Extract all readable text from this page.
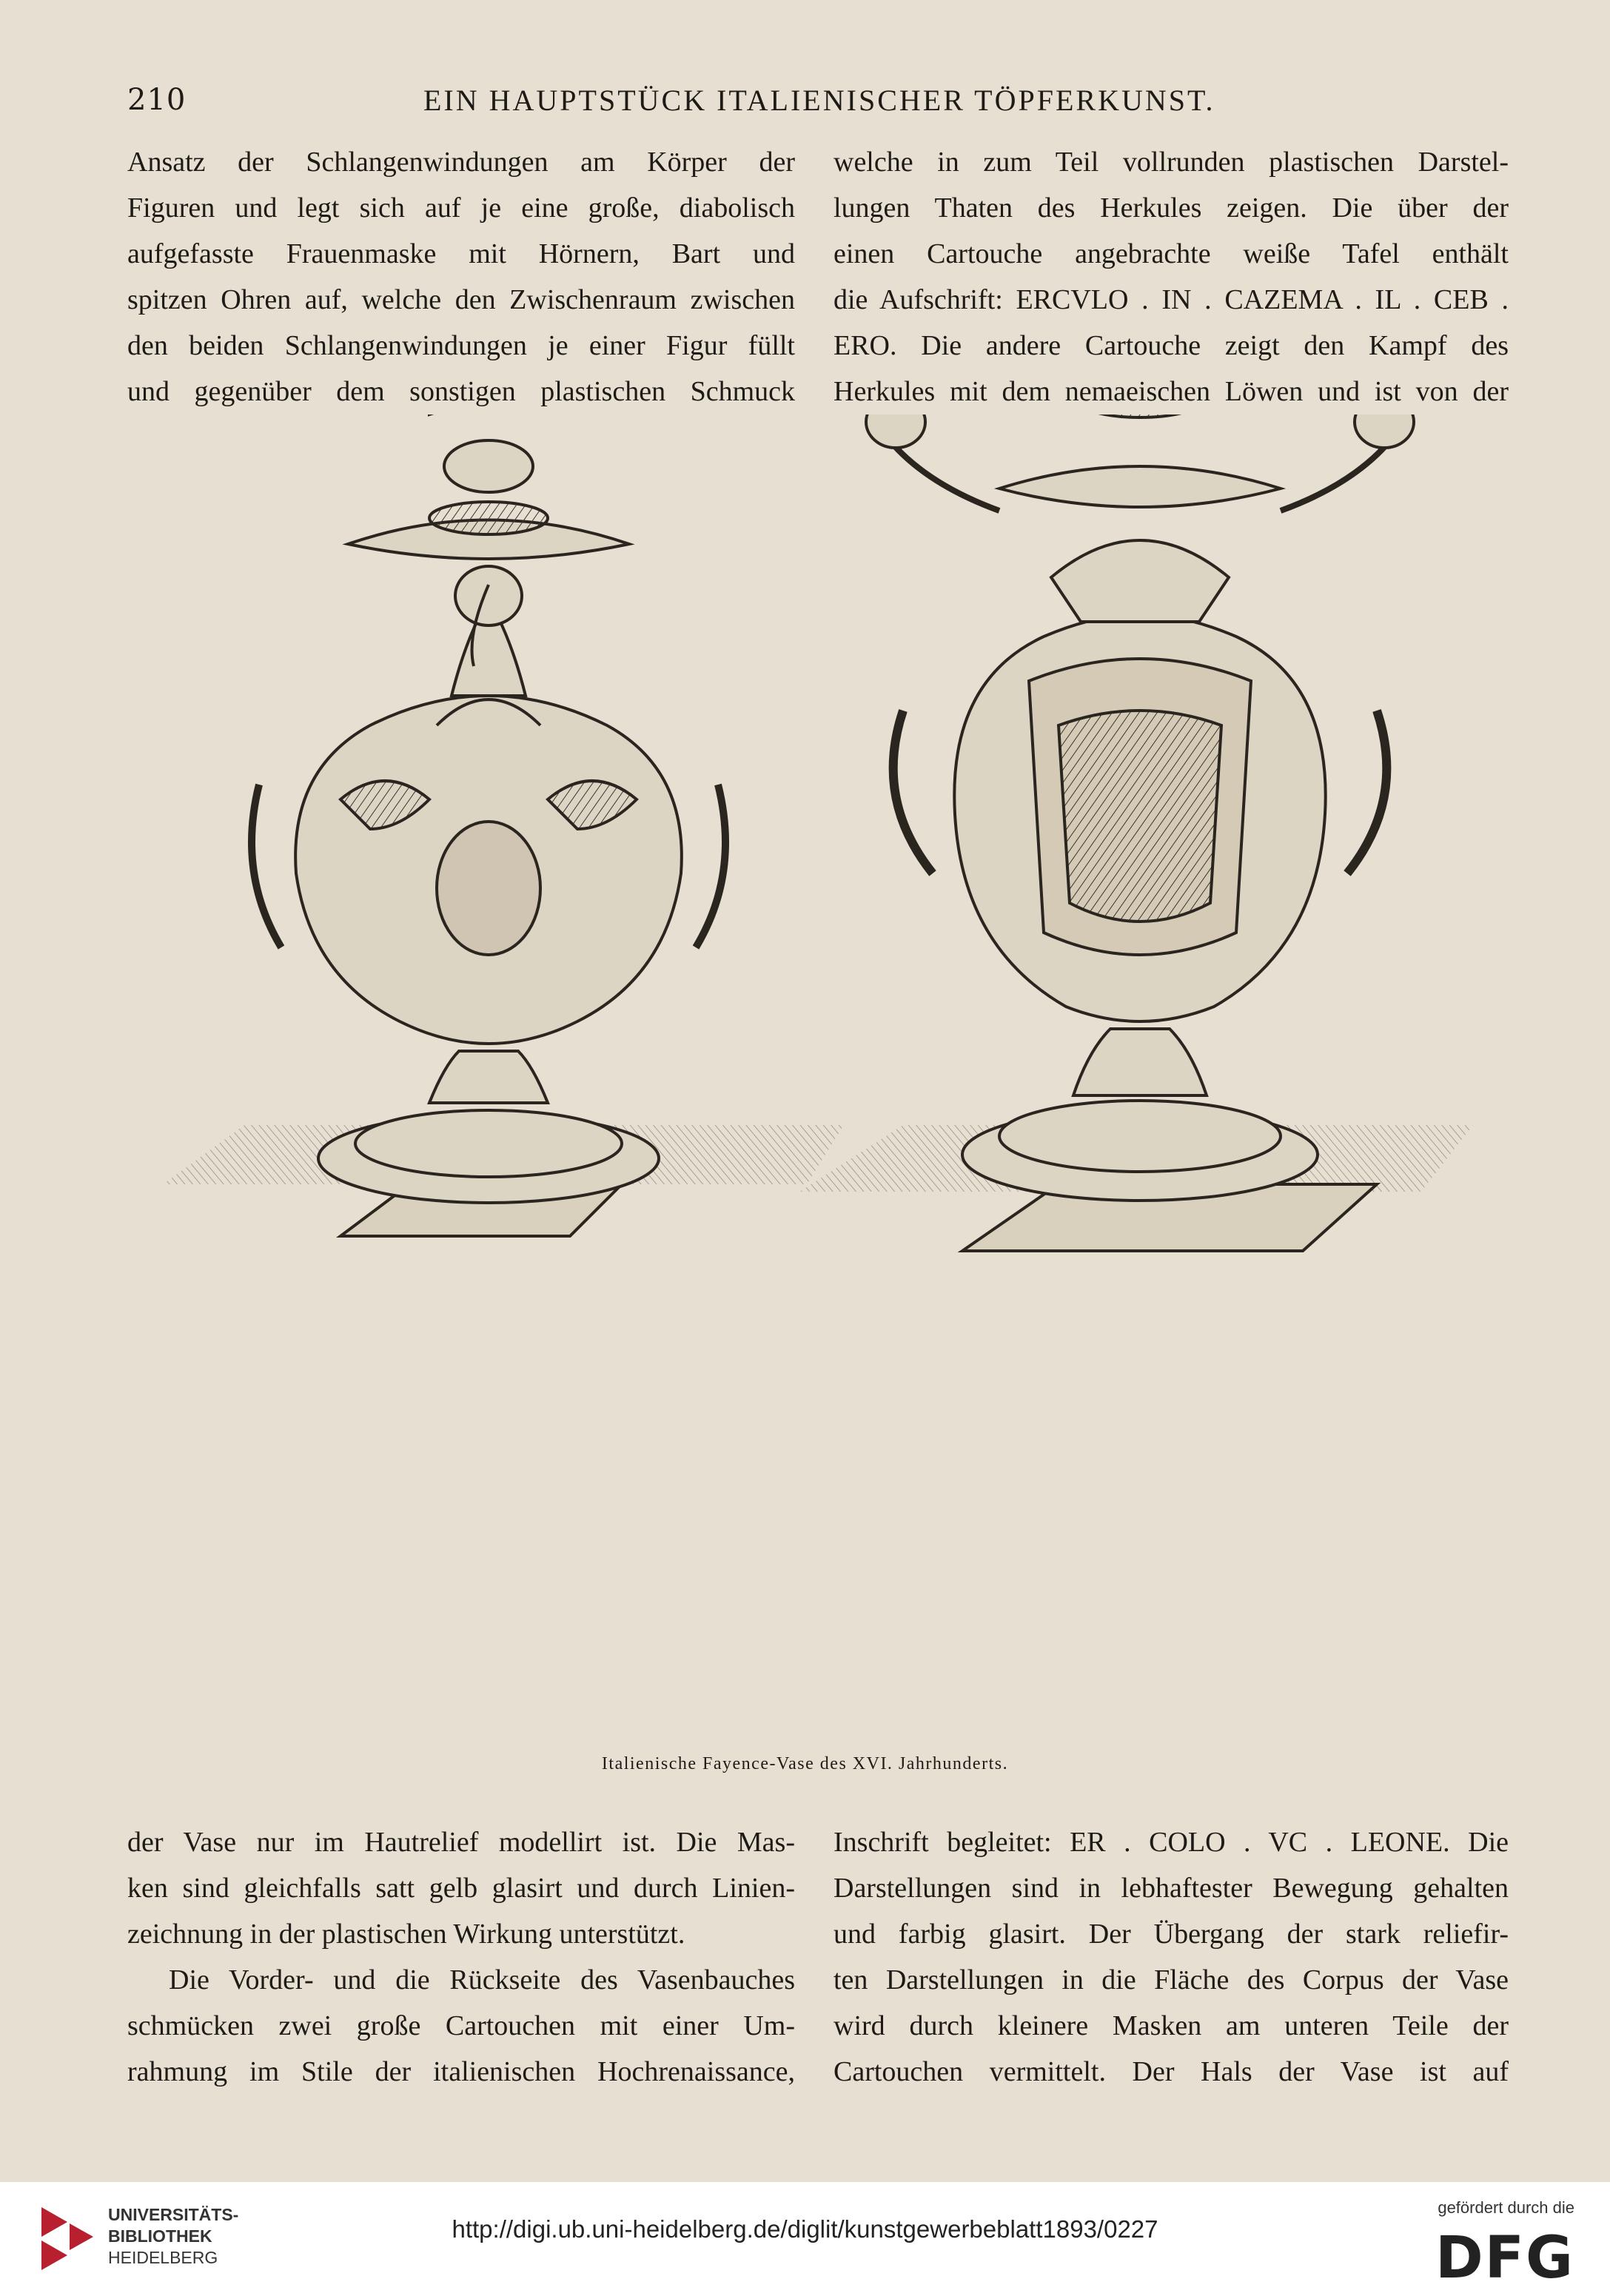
210	EIN HAUPTSTÜCK ITALIENISCHER TÖPFERKUNST.
Ansatz der Schlangenwindungen am Körper der
Figuren und legt sich auf je eine große, diabolisch
aufgefasste Frauenmaske mit Hörnern, Bart und
spitzen Ohren auf, welche den Zwischenraum zwischen
den beiden Schlangenwindungen je einer Figur füllt
und gegenüber dem sonstigen plastischen Schmuck
welche in zum Teil vollrunden plastischen Darstel-
lungen Thaten des Herkules zeigen. Die über der
einen Cartouche angebrachte weiße Tafel enthält
die Aufschrift: ERCVLO . IN . CAZEMA . IL . CEB .
ERO. Die andere Cartouche zeigt den Kampf des
Herkules mit dem nemaeischen Löwen und ist von der
Italienische Fayence-Vase des XVI. Jahrhunderts.
der Vase nur im Hautrelief modellirt ist. Die Mas-
ken sind gleichfalls satt gelb glasirt und durch Linien-
zeichnung in der plastischen Wirkung unterstützt.
Die Vorder- und die Rückseite des Vasenbauches
schmücken zwei große Cartouchen mit einer Um-
rahmung im Stile der italienischen Hochrenaissance,
Inschrift begleitet: ER . COLO . VC . LEONE. Die
Darstellungen sind in lebhaftester Bewegung gehalten
und farbig glasirt. Der Übergang der stark reliefir-
ten Darstellungen in die Fläche des Corpus der Vase
wird durch kleinere Masken am unteren Teile der
Cartouchen vermittelt. Der Hals der Vase ist auf
UNIVERSITÄTS-
BIBLIOTHEK
HEIDELBERG
http://digi.ub.uni-heidelberg.de/diglit/kunstgewerbeblatt1893/0227
gefördert durch die
DFG
